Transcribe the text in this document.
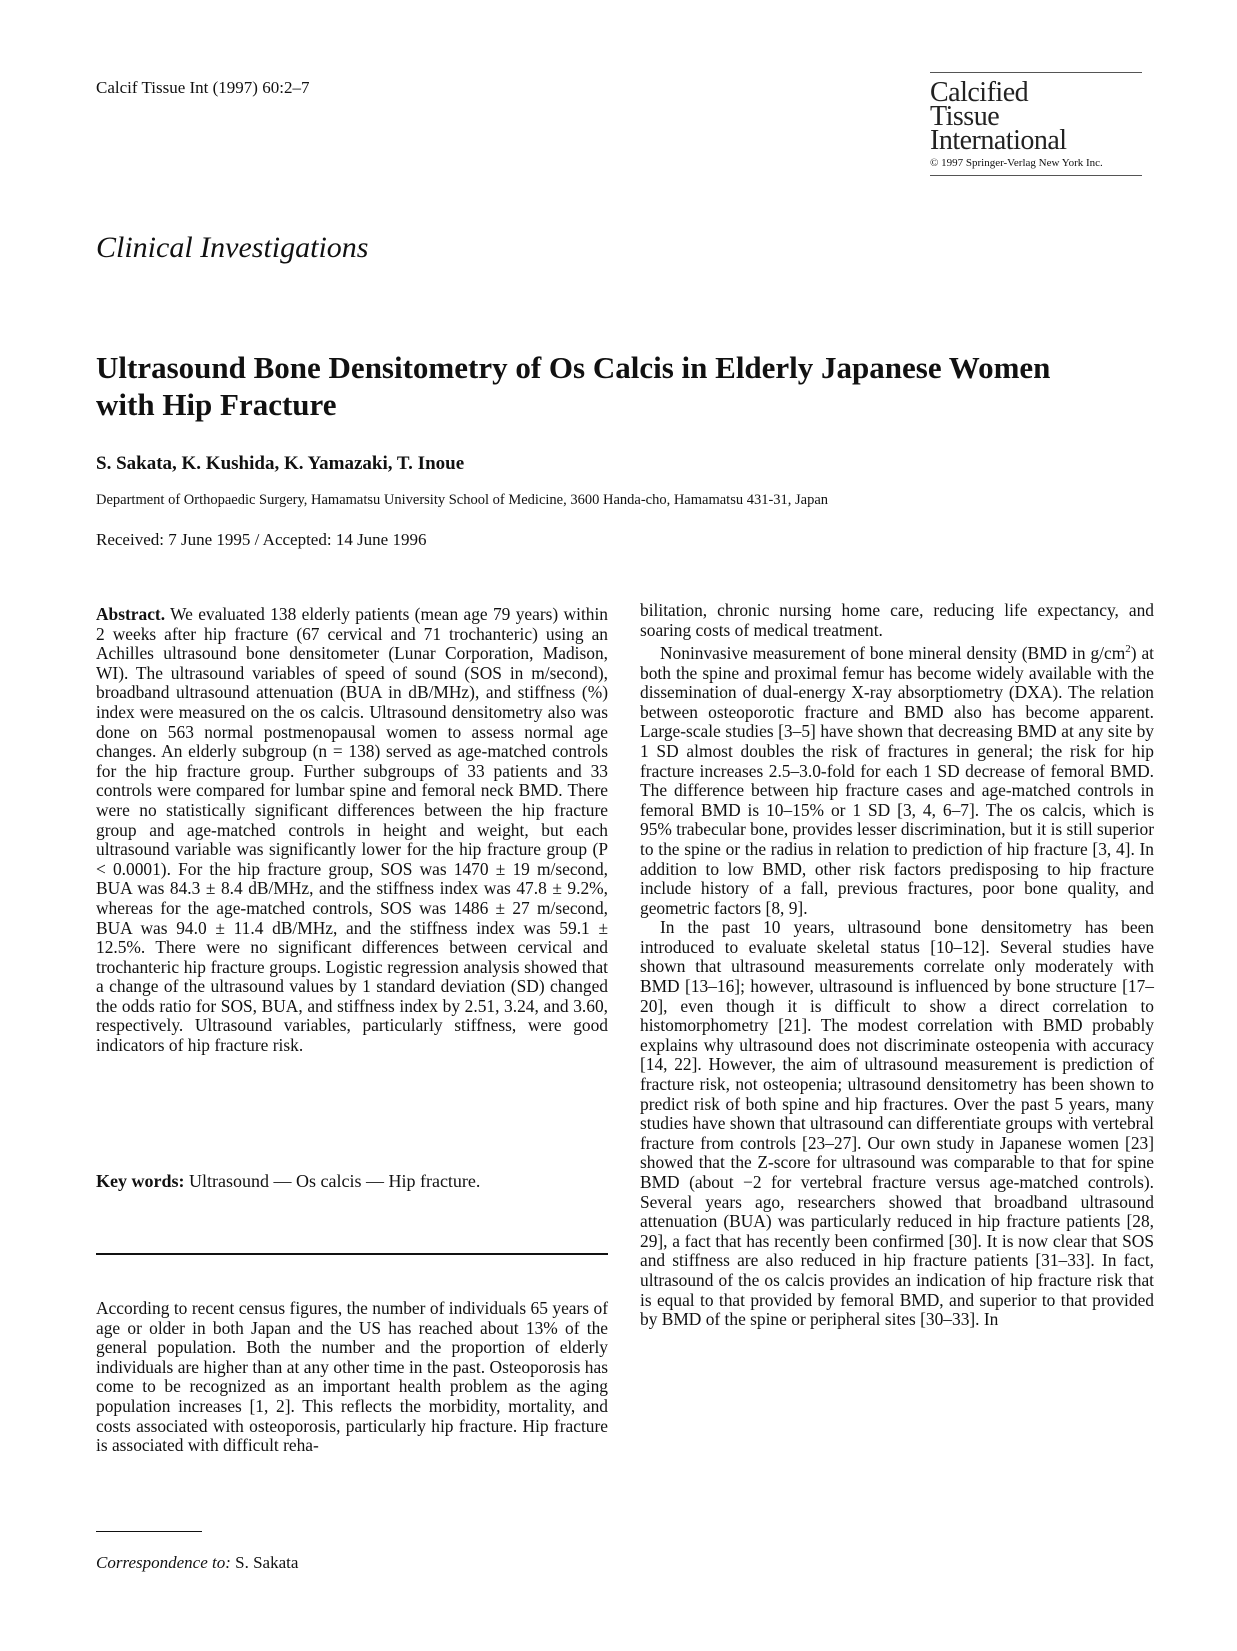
Calcif Tissue Int (1997) 60:2–7	Calcified
Tissue
International
© 1997 Springer-Verlag New York Inc.
Clinical Investigations
Ultrasound Bone Densitometry of Os Calcis in Elderly Japanese Women with Hip Fracture
S. Sakata, K. Kushida, K. Yamazaki, T. Inoue
Department of Orthopaedic Surgery, Hamamatsu University School of Medicine, 3600 Handa-cho, Hamamatsu 431-31, Japan
Received: 7 June 1995 / Accepted: 14 June 1996

Abstract. We evaluated 138 elderly patients (mean age 79 years) within 2 weeks after hip fracture (67 cervical and 71 trochanteric) using an Achilles ultrasound bone densitometer (Lunar Corporation, Madison, WI). The ultrasound variables of speed of sound (SOS in m/second), broadband ultrasound attenuation (BUA in dB/MHz), and stiffness (%) index were measured on the os calcis. Ultrasound densitometry also was done on 563 normal postmenopausal women to assess normal age changes. An elderly subgroup (n = 138) served as age-matched controls for the hip fracture group. Further subgroups of 33 patients and 33 controls were compared for lumbar spine and femoral neck BMD. There were no statistically significant differences between the hip fracture group and age-matched controls in height and weight, but each ultrasound variable was significantly lower for the hip fracture group (P < 0.0001). For the hip fracture group, SOS was 1470 ± 19 m/second, BUA was 84.3 ± 8.4 dB/MHz, and the stiffness index was 47.8 ± 9.2%, whereas for the age-matched controls, SOS was 1486 ± 27 m/second, BUA was 94.0 ± 11.4 dB/MHz, and the stiffness index was 59.1 ± 12.5%. There were no significant differences between cervical and trochanteric hip fracture groups. Logistic regression analysis showed that a change of the ultrasound values by 1 standard deviation (SD) changed the odds ratio for SOS, BUA, and stiffness index by 2.51, 3.24, and 3.60, respectively. Ultrasound variables, particularly stiffness, were good indicators of hip fracture risk.

Key words: Ultrasound — Os calcis — Hip fracture.

According to recent census figures, the number of individuals 65 years of age or older in both Japan and the US has reached about 13% of the general population. Both the number and the proportion of elderly individuals are higher than at any other time in the past. Osteoporosis has come to be recognized as an important health problem as the aging population increases [1, 2]. This reflects the morbidity, mortality, and costs associated with osteoporosis, particularly hip fracture. Hip fracture is associated with difficult reha-

Correspondence to: S. Sakata

bilitation, chronic nursing home care, reducing life expectancy, and soaring costs of medical treatment.

Noninvasive measurement of bone mineral density (BMD in $g/cm^2$) at both the spine and proximal femur has become widely available with the dissemination of dual-energy X-ray absorptiometry (DXA). The relation between osteoporotic fracture and BMD also has become apparent. Large-scale studies [3–5] have shown that decreasing BMD at any site by 1 SD almost doubles the risk of fractures in general; the risk for hip fracture increases 2.5–3.0-fold for each 1 SD decrease of femoral BMD. The difference between hip fracture cases and age-matched controls in femoral BMD is 10–15% or 1 SD [3, 4, 6–7]. The os calcis, which is 95% trabecular bone, provides lesser discrimination, but it is still superior to the spine or the radius in relation to prediction of hip fracture [3, 4]. In addition to low BMD, other risk factors predisposing to hip fracture include history of a fall, previous fractures, poor bone quality, and geometric factors [8, 9].

In the past 10 years, ultrasound bone densitometry has been introduced to evaluate skeletal status [10–12]. Several studies have shown that ultrasound measurements correlate only moderately with BMD [13–16]; however, ultrasound is influenced by bone structure [17–20], even though it is difficult to show a direct correlation to histomorphometry [21]. The modest correlation with BMD probably explains why ultrasound does not discriminate osteopenia with accuracy [14, 22]. However, the aim of ultrasound measurement is prediction of fracture risk, not osteopenia; ultrasound densitometry has been shown to predict risk of both spine and hip fractures. Over the past 5 years, many studies have shown that ultrasound can differentiate groups with vertebral fracture from controls [23–27]. Our own study in Japanese women [23] showed that the Z-score for ultrasound was comparable to that for spine BMD (about −2 for vertebral fracture versus age-matched controls). Several years ago, researchers showed that broadband ultrasound attenuation (BUA) was particularly reduced in hip fracture patients [28, 29], a fact that has recently been confirmed [30]. It is now clear that SOS and stiffness are also reduced in hip fracture patients [31–33]. In fact, ultrasound of the os calcis provides an indication of hip fracture risk that is equal to that provided by femoral BMD, and superior to that provided by BMD of the spine or peripheral sites [30–33]. In
